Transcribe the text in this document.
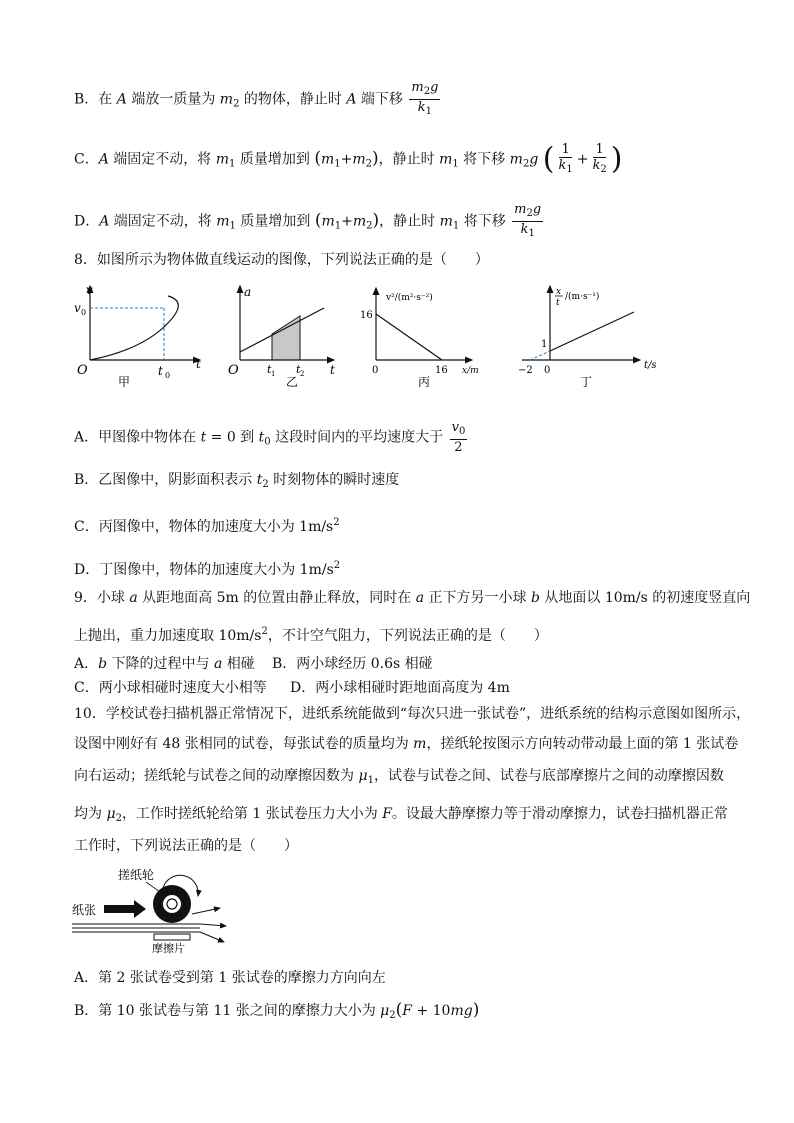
B．在 A 端放一质量为 $m_2$ 的物体，静止时 A 端下移 $\frac{m_2g}{k_1}$
C．A 端固定不动，将 $m_1$ 质量增加到 $(m_1+m_2)$，静止时 $m_1$ 将下移 $m_2g$ ( $\frac{1}{k_1} + \frac{1}{k_2}$ )
D．A 端固定不动，将 $m_1$ 质量增加到 $(m_1+m_2)$，静止时 $m_1$ 将下移 $\frac{m_2g}{k_1}$
8．如图所示为物体做直线运动的图像，下列说法正确的是（　　）
v
v 0
O	t
t 0
甲
a
O	t
t 1 t 2
乙
v²/(m²·s⁻²)
16
0	16 x/m
丙
x
t
/(m·s⁻¹)
1
−2 0	t/s
丁
A．甲图像中物体在 t = 0 到 $t_0$ 这段时间内的平均速度大于 $\frac{v_0}{2}$
B．乙图像中，阴影面积表示 $t_2$ 时刻物体的瞬时速度
C．丙图像中，物体的加速度大小为 $1m/s^2$
D．丁图像中，物体的加速度大小为 $1m/s^2$
9．小球 a 从距地面高 5m 的位置由静止释放，同时在 a 正下方另一小球 b 从地面以 10m/s 的初速度竖直向
上抛出，重力加速度取 $10m/s^2$，不计空气阻力，下列说法正确的是（　　）
A．b 下降的过程中与 a 相碰 B．两小球经历 0.6s 相碰
C．两小球相碰时速度大小相等 D．两小球相碰时距地面高度为 4m
10．学校试卷扫描机器正常情况下，进纸系统能做到“每次只进一张试卷”，进纸系统的结构示意图如图所示，
设图中刚好有 48 张相同的试卷，每张试卷的质量均为 m，搓纸轮按图示方向转动带动最上面的第 1 张试卷
向右运动；搓纸轮与试卷之间的动摩擦因数为 $\mu_1$，试卷与试卷之间、试卷与底部摩擦片之间的动摩擦因数
均为 $\mu_2$，工作时搓纸轮给第 1 张试卷压力大小为 F。设最大静摩擦力等于滑动摩擦力，试卷扫描机器正常
工作时，下列说法正确的是（　　）
搓纸轮
纸张
摩擦片
A．第 2 张试卷受到第 1 张试卷的摩擦力方向向左
B．第 10 张试卷与第 11 张之间的摩擦力大小为 $\mu_2(F + 10mg)$
